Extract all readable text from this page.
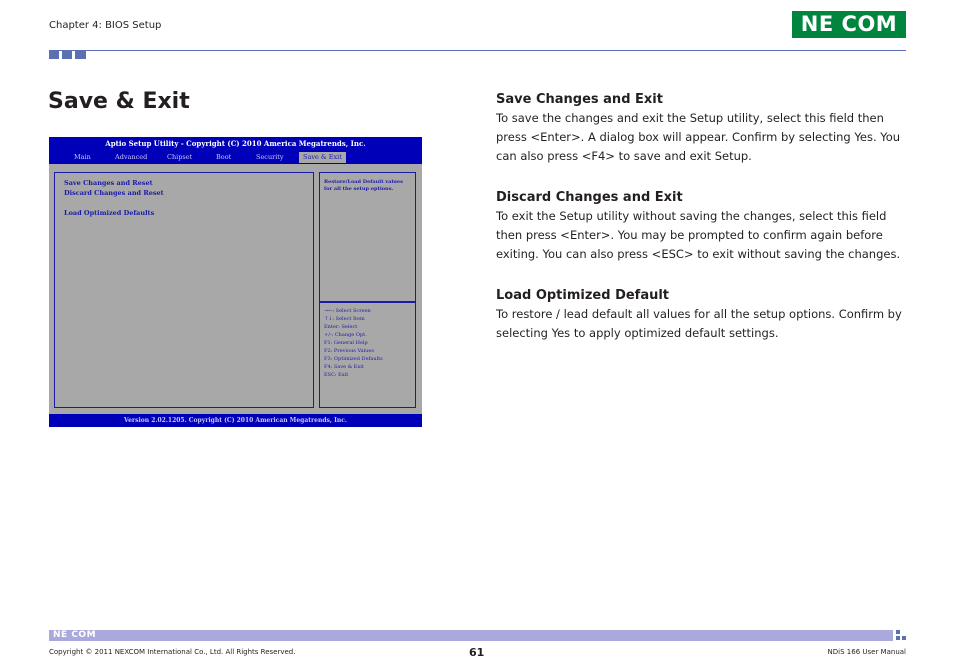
Chapter 4: BIOS Setup	NE COM
Save & Exit
Aptio Setup Utility - Copyright (C) 2010 America Megatrends, Inc.
Main	Advanced	Chipset	Boot	Security	Save & Exit
Save Changes and Reset
Discard Changes and Reset
Load Optimized Defaults
Restore/Load Default values
for all the setup options.
→←: Select Screen
↑↓: Select Item
Enter: Select
+/-: Change Opt.
F1: General Help
F2: Previous Values
F3: Optimized Defaults
F4: Save & Exit
ESC: Exit
Version 2.02.1205. Copyright (C) 2010 American Megatrends, Inc.
Save Changes and Exit

To save the changes and exit the Setup utility, select this field then press <Enter>. A dialog box will appear. Confirm by selecting Yes. You can also press <F4> to save and exit Setup.

Discard Changes and Exit

To exit the Setup utility without saving the changes, select this field then press <Enter>. You may be prompted to confirm again before exiting. You can also press <ESC> to exit without saving the changes.

Load Optimized Default

To restore / lead default all values for all the setup options. Confirm by selecting Yes to apply optimized default settings.

NE COM
Copyright © 2011 NEXCOM International Co., Ltd. All Rights Reserved.	61	NDiS 166 User Manual
